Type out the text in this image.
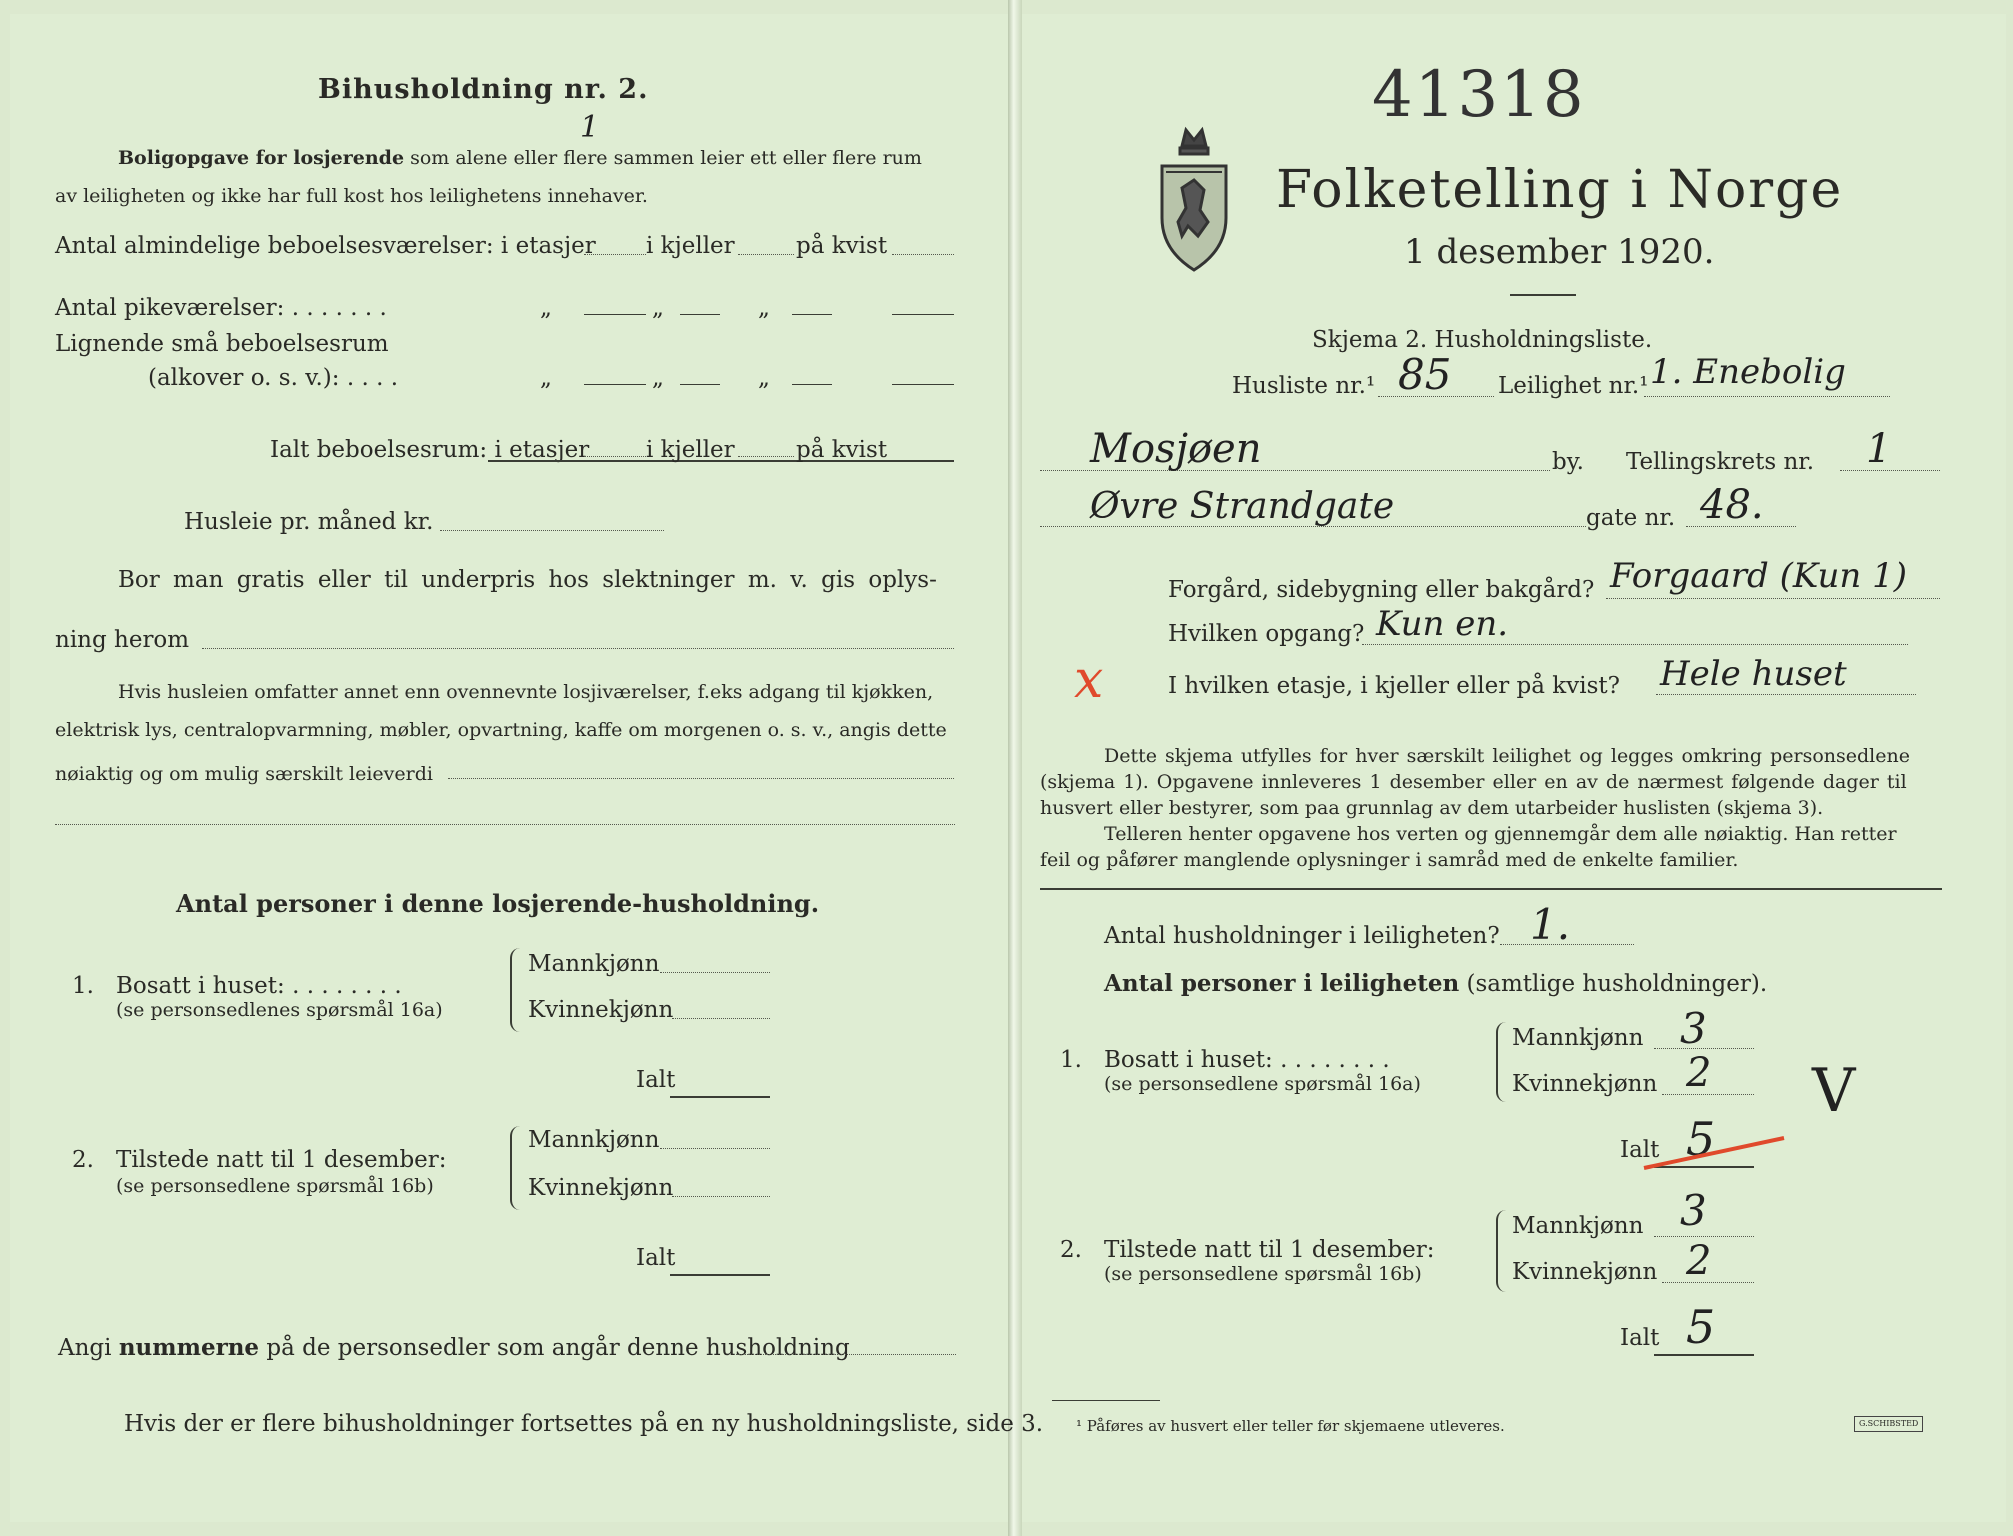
Bihusholdning nr. 2.
1
Boligopgave for losjerende som alene eller flere sammen leier ett eller flere rum
av leiligheten og ikke har full kost hos leilighetens innehaver.
Antal almindelige beboelsesværelser: i etasjer i kjeller	på kvist
Antal pikeværelser: . . . . . . .	„	„	„
Lignende små beboelsesrum
(alkover o. s. v.): . . . .	„	„	„
Ialt beboelsesrum: i etasjer i kjeller	på kvist
Husleie pr. måned kr.
Bor man gratis eller til underpris hos slektninger m. v. gis oplys-
ning herom
Hvis husleien omfatter annet enn ovennevnte losjiværelser, f.eks adgang til kjøkken,
elektrisk lys, centralopvarmning, møbler, opvartning, kaffe om morgenen o. s. v., angis dette
nøiaktig og om mulig særskilt leieverdi
Antal personer i denne losjerende-husholdning.
1. Bosatt i huset: . . . . . . . .
(se personsedlenes spørsmål 16a)
Mannkjønn
Kvinnekjønn
Ialt
2. Tilstede natt til 1 desember:
(se personsedlene spørsmål 16b)
Mannkjønn
Kvinnekjønn
Ialt
Angi nummerne på de personsedler som angår denne husholdning
Hvis der er flere bihusholdninger fortsettes på en ny husholdningsliste, side 3.
41318
Folketelling i Norge
1 desember 1920.
Skjema 2. Husholdningsliste.
Husliste nr.¹ 85 Leilighet nr.¹ 1. Enebolig
Mosjøen	by. Tellingskrets nr. 1
Øvre Strandgate	gate nr. 48.
Forgård, sidebygning eller bakgård? Forgaard (Kun 1)
Hvilken opgang? Kun en.
x	I hvilken etasje, i kjeller eller på kvist? Hele huset
Dette skjema utfylles for hver særskilt leilighet og legges omkring personsedlene
(skjema 1). Opgavene innleveres 1 desember eller en av de nærmest følgende dager til
husvert eller bestyrer, som paa grunnlag av dem utarbeider huslisten (skjema 3).
Telleren henter opgavene hos verten og gjennemgår dem alle nøiaktig. Han retter
feil og påfører manglende oplysninger i samråd med de enkelte familier.
Antal husholdninger i leiligheten? 1.
Antal personer i leiligheten (samtlige husholdninger).
1. Bosatt i huset: . . . . . . . .
(se personsedlene spørsmål 16a)
Mannkjønn 3
Kvinnekjønn 2 V
Ialt 5
2. Tilstede natt til 1 desember:
(se personsedlene spørsmål 16b)
Mannkjønn 3
Kvinnekjønn 2
Ialt 5
¹ Påføres av husvert eller teller før skjemaene utleveres.	G.SCHIBSTED
